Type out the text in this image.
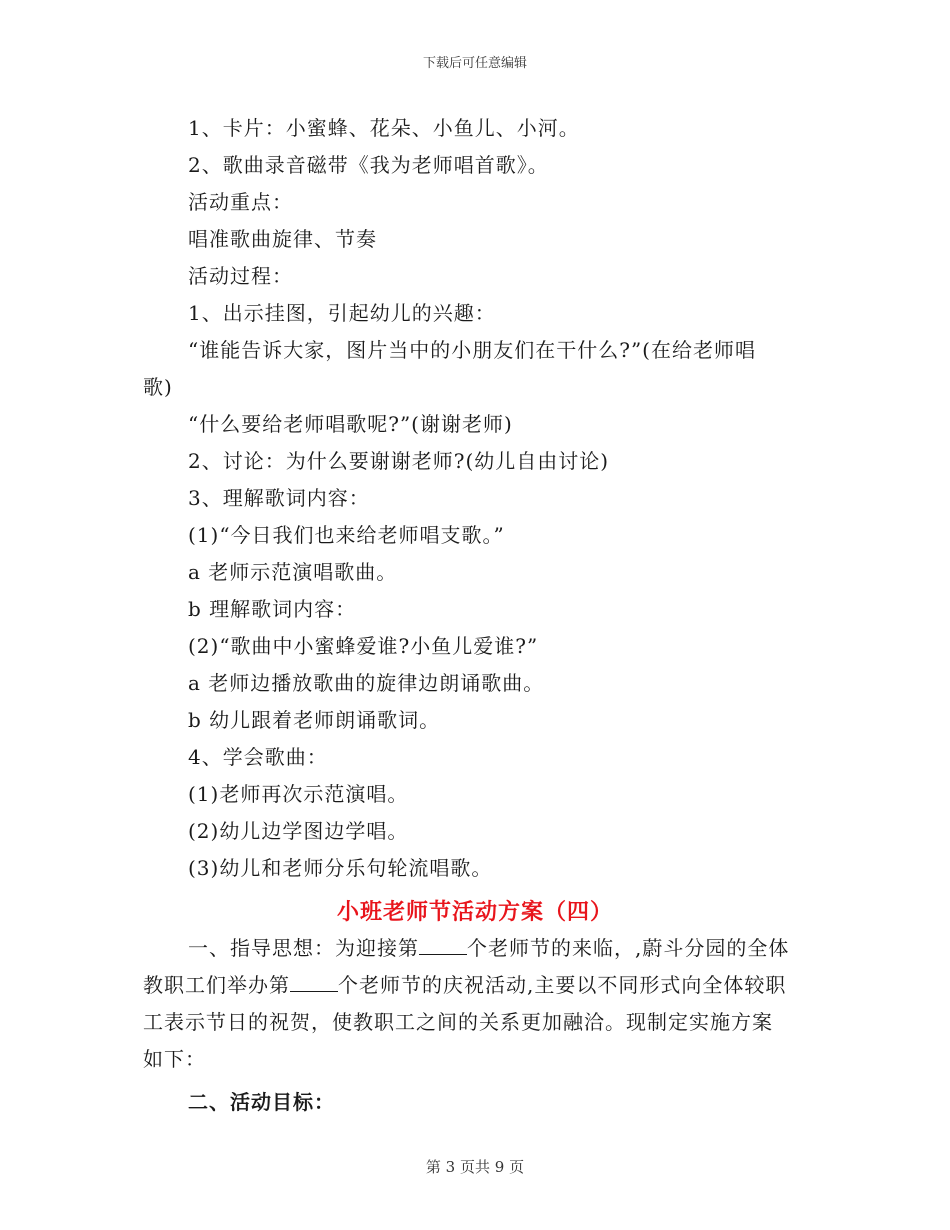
下载后可任意编辑
1、卡片：小蜜蜂、花朵、小鱼儿、小河。
2、歌曲录音磁带《我为老师唱首歌》。
活动重点：
唱准歌曲旋律、节奏
活动过程：
1、出示挂图，引起幼儿的兴趣：
“谁能告诉大家，图片当中的小朋友们在干什么?”(在给老师唱
歌)
“什么要给老师唱歌呢?”(谢谢老师)
2、讨论：为什么要谢谢老师?(幼儿自由讨论)
3、理解歌词内容：
(1)“今日我们也来给老师唱支歌。”
a 老师示范演唱歌曲。
b 理解歌词内容：
(2)“歌曲中小蜜蜂爱谁?小鱼儿爱谁?”
a 老师边播放歌曲的旋律边朗诵歌曲。
b 幼儿跟着老师朗诵歌词。
4、学会歌曲：
(1)老师再次示范演唱。
(2)幼儿边学图边学唱。
(3)幼儿和老师分乐句轮流唱歌。
小班老师节活动方案（四）
一、指导思想：为迎接第 个老师节的来临，,蔚斗分园的全体
教职工们举办第 个老师节的庆祝活动,主要以不同形式向全体较职
工表示节日的祝贺，使教职工之间的关系更加融洽。现制定实施方案
如下：
二、活动目标：
第 3 页共 9 页
